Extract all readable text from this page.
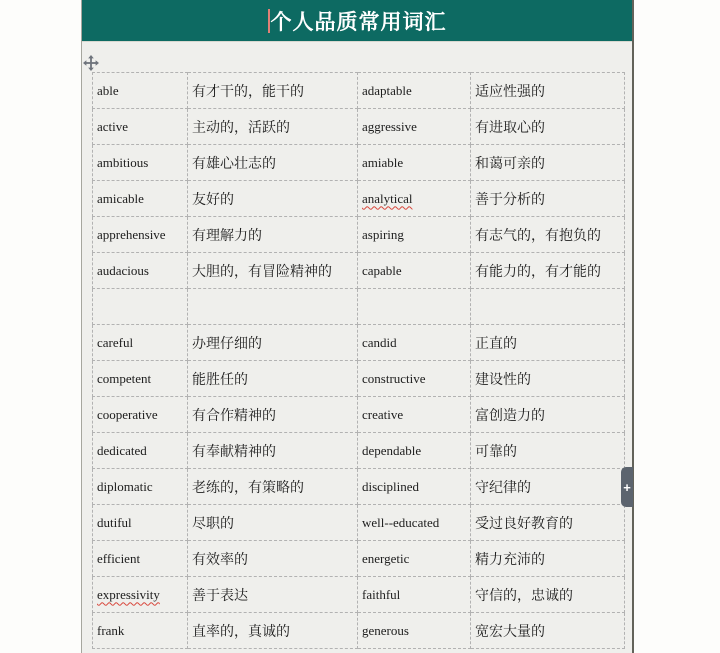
个人品质常用词汇
able	有才干的，能干的	adaptable	适应性强的
active	主动的，活跃的	aggressive	有进取心的
ambitious	有雄心壮志的	amiable	和蔼可亲的
amicable	友好的	analytical	善于分析的
apprehensive	有理解力的	aspiring	有志气的，有抱负的
audacious	大胆的，有冒险精神的	capable	有能力的，有才能的

careful	办理仔细的	candid	正直的
competent	能胜任的	constructive	建设性的
cooperative	有合作精神的	creative	富创造力的
dedicated	有奉献精神的	dependable	可靠的
diplomatic	老练的，有策略的	disciplined	守纪律的
dutiful	尽职的	well--educated	受过良好教育的
efficient	有效率的	energetic	精力充沛的
expressivity	善于表达	faithful	守信的，忠诚的
frank	直率的，真诚的	generous	宽宏大量的
+
